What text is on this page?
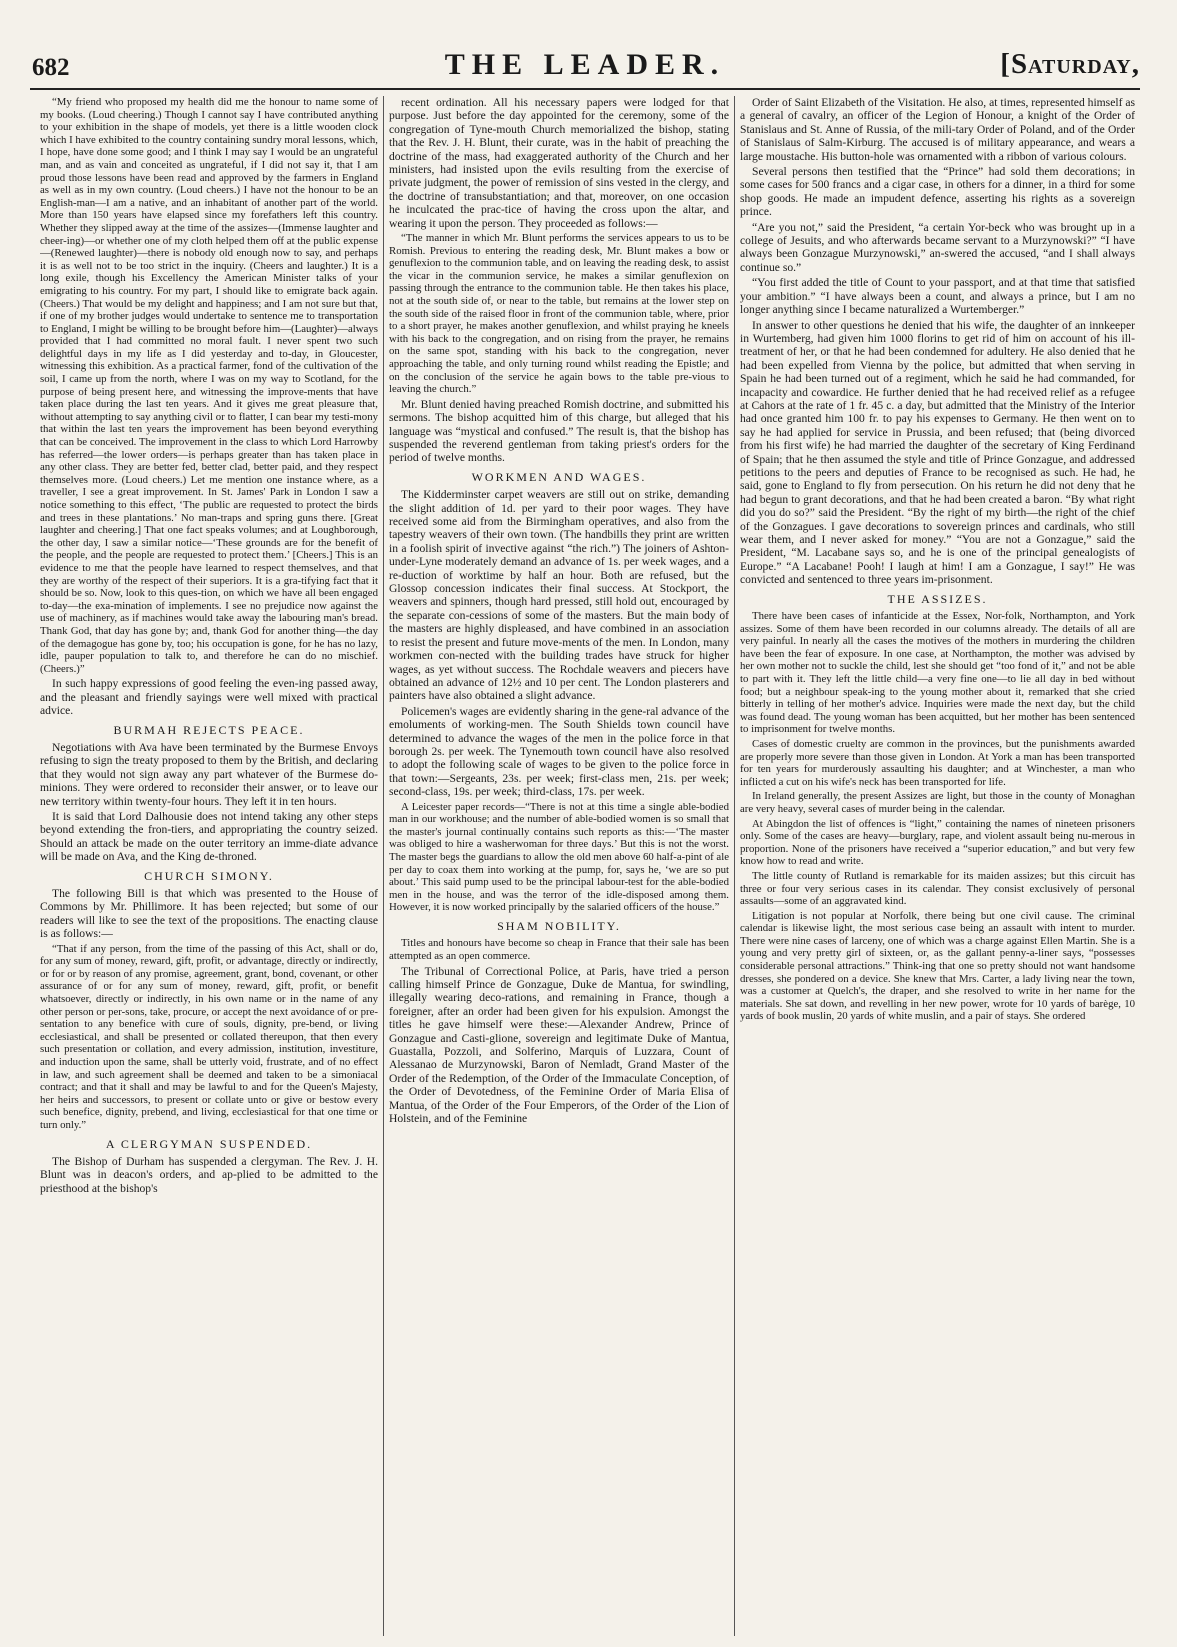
682	THE LEADER.	[Saturday,

“My friend who proposed my health did me the honour to name some of my books. (Loud cheering.) Though I cannot say I have contributed anything to your exhibition in the shape of models, yet there is a little wooden clock which I have exhibited to the country containing sundry moral lessons, which, I hope, have done some good; and I think I may say I would be an ungrateful man, and as vain and conceited as ungrateful, if I did not say it, that I am proud those lessons have been read and approved by the farmers in England as well as in my own country. (Loud cheers.) I have not the honour to be an English-man—I am a native, and an inhabitant of another part of the world. More than 150 years have elapsed since my forefathers left this country. Whether they slipped away at the time of the assizes—(Immense laughter and cheer-ing)—or whether one of my cloth helped them off at the public expense—(Renewed laughter)—there is nobody old enough now to say, and perhaps it is as well not to be too strict in the inquiry. (Cheers and laughter.) It is a long exile, though his Excellency the American Minister talks of your emigrating to his country. For my part, I should like to emigrate back again. (Cheers.) That would be my delight and happiness; and I am not sure but that, if one of my brother judges would undertake to sentence me to transportation to England, I might be willing to be brought before him—(Laughter)—always provided that I had committed no moral fault. I never spent two such delightful days in my life as I did yesterday and to-day, in Gloucester, witnessing this exhibition. As a practical farmer, fond of the cultivation of the soil, I came up from the north, where I was on my way to Scotland, for the purpose of being present here, and witnessing the improve-ments that have taken place during the last ten years. And it gives me great pleasure that, without attempting to say anything civil or to flatter, I can bear my testi-mony that within the last ten years the improvement has been beyond everything that can be conceived. The improvement in the class to which Lord Harrowby has referred—the lower orders—is perhaps greater than has taken place in any other class. They are better fed, better clad, better paid, and they respect themselves more. (Loud cheers.) Let me mention one instance where, as a traveller, I see a great improvement. In St. James' Park in London I saw a notice something to this effect, ‘The public are requested to protect the birds and trees in these plantations.’ No man-traps and spring guns there. [Great laughter and cheering.] That one fact speaks volumes; and at Loughborough, the other day, I saw a similar notice—‘These grounds are for the benefit of the people, and the people are requested to protect them.’ [Cheers.] This is an evidence to me that the people have learned to respect themselves, and that they are worthy of the respect of their superiors. It is a gra-tifying fact that it should be so. Now, look to this ques-tion, on which we have all been engaged to-day—the exa-mination of implements. I see no prejudice now against the use of machinery, as if machines would take away the labouring man's bread. Thank God, that day has gone by; and, thank God for another thing—the day of the demagogue has gone by, too; his occupation is gone, for he has no lazy, idle, pauper population to talk to, and therefore he can do no mischief. (Cheers.)”

In such happy expressions of good feeling the even-ing passed away, and the pleasant and friendly sayings were well mixed with practical advice.

BURMAH REJECTS PEACE.

Negotiations with Ava have been terminated by the Burmese Envoys refusing to sign the treaty proposed to them by the British, and declaring that they would not sign away any part whatever of the Burmese do-minions. They were ordered to reconsider their answer, or to leave our new territory within twenty-four hours. They left it in ten hours.

It is said that Lord Dalhousie does not intend taking any other steps beyond extending the fron-tiers, and appropriating the country seized. Should an attack be made on the outer territory an imme-diate advance will be made on Ava, and the King de-throned.

CHURCH SIMONY.

The following Bill is that which was presented to the House of Commons by Mr. Phillimore. It has been rejected; but some of our readers will like to see the text of the propositions. The enacting clause is as follows:—

“That if any person, from the time of the passing of this Act, shall or do, for any sum of money, reward, gift, profit, or advantage, directly or indirectly, or for or by reason of any promise, agreement, grant, bond, covenant, or other assurance of or for any sum of money, reward, gift, profit, or benefit whatsoever, directly or indirectly, in his own name or in the name of any other person or per-sons, take, procure, or accept the next avoidance of or pre-sentation to any benefice with cure of souls, dignity, pre-bend, or living ecclesiastical, and shall be presented or collated thereupon, that then every such presentation or collation, and every admission, institution, investiture, and induction upon the same, shall be utterly void, frustrate, and of no effect in law, and such agreement shall be deemed and taken to be a simoniacal contract; and that it shall and may be lawful to and for the Queen's Majesty, her heirs and successors, to present or collate unto or give or bestow every such benefice, dignity, prebend, and living, ecclesiastical for that one time or turn only.”

A CLERGYMAN SUSPENDED.

The Bishop of Durham has suspended a clergyman. The Rev. J. H. Blunt was in deacon's orders, and ap-plied to be admitted to the priesthood at the bishop's

recent ordination. All his necessary papers were lodged for that purpose. Just before the day appointed for the ceremony, some of the congregation of Tyne-mouth Church memorialized the bishop, stating that the Rev. J. H. Blunt, their curate, was in the habit of preaching the doctrine of the mass, had exaggerated authority of the Church and her ministers, had insisted upon the evils resulting from the exercise of private judgment, the power of remission of sins vested in the clergy, and the doctrine of transubstantiation; and that, moreover, on one occasion he inculcated the prac-tice of having the cross upon the altar, and wearing it upon the person. They proceeded as follows:—

“The manner in which Mr. Blunt performs the services appears to us to be Romish. Previous to entering the reading desk, Mr. Blunt makes a bow or genuflexion to the communion table, and on leaving the reading desk, to assist the vicar in the communion service, he makes a similar genuflexion on passing through the entrance to the communion table. He then takes his place, not at the south side of, or near to the table, but remains at the lower step on the south side of the raised floor in front of the communion table, where, prior to a short prayer, he makes another genuflexion, and whilst praying he kneels with his back to the congregation, and on rising from the prayer, he remains on the same spot, standing with his back to the congregation, never approaching the table, and only turning round whilst reading the Epistle; and on the conclusion of the service he again bows to the table pre-vious to leaving the church.”

Mr. Blunt denied having preached Romish doctrine, and submitted his sermons. The bishop acquitted him of this charge, but alleged that his language was “mystical and confused.” The result is, that the bishop has suspended the reverend gentleman from taking priest's orders for the period of twelve months.

WORKMEN AND WAGES.

The Kidderminster carpet weavers are still out on strike, demanding the slight addition of 1d. per yard to their poor wages. They have received some aid from the Birmingham operatives, and also from the tapestry weavers of their own town. (The handbills they print are written in a foolish spirit of invective against “the rich.”) The joiners of Ashton-under-Lyne moderately demand an advance of 1s. per week wages, and a re-duction of worktime by half an hour. Both are refused, but the Glossop concession indicates their final success. At Stockport, the weavers and spinners, though hard pressed, still hold out, encouraged by the separate con-cessions of some of the masters. But the main body of the masters are highly displeased, and have combined in an association to resist the present and future move-ments of the men. In London, many workmen con-nected with the building trades have struck for higher wages, as yet without success. The Rochdale weavers and piecers have obtained an advance of 12½ and 10 per cent. The London plasterers and painters have also obtained a slight advance.

Policemen's wages are evidently sharing in the gene-ral advance of the emoluments of working-men. The South Shields town council have determined to advance the wages of the men in the police force in that borough 2s. per week. The Tynemouth town council have also resolved to adopt the following scale of wages to be given to the police force in that town:—Sergeants, 23s. per week; first-class men, 21s. per week; second-class, 19s. per week; third-class, 17s. per week.

A Leicester paper records—“There is not at this time a single able-bodied man in our workhouse; and the number of able-bodied women is so small that the master's journal continually contains such reports as this:—‘The master was obliged to hire a washerwoman for three days.’ But this is not the worst. The master begs the guardians to allow the old men above 60 half-a-pint of ale per day to coax them into working at the pump, for, says he, ‘we are so put about.’ This said pump used to be the principal labour-test for the able-bodied men in the house, and was the terror of the idle-disposed among them. However, it is now worked principally by the salaried officers of the house.”

SHAM NOBILITY.

Titles and honours have become so cheap in France that their sale has been attempted as an open commerce.

The Tribunal of Correctional Police, at Paris, have tried a person calling himself Prince de Gonzague, Duke de Mantua, for swindling, illegally wearing deco-rations, and remaining in France, though a foreigner, after an order had been given for his expulsion. Amongst the titles he gave himself were these:—Alexander Andrew, Prince of Gonzague and Casti-glione, sovereign and legitimate Duke of Mantua, Guastalla, Pozzoli, and Solferino, Marquis of Luzzara, Count of Alessanao de Murzynowski, Baron of Nemladt, Grand Master of the Order of the Redemption, of the Order of the Immaculate Conception, of the Order of Devotedness, of the Feminine Order of Maria Elisa of Mantua, of the Order of the Four Emperors, of the Order of the Lion of Holstein, and of the Feminine

Order of Saint Elizabeth of the Visitation. He also, at times, represented himself as a general of cavalry, an officer of the Legion of Honour, a knight of the Order of Stanislaus and St. Anne of Russia, of the mili-tary Order of Poland, and of the Order of Stanislaus of Salm-Kirburg. The accused is of military appearance, and wears a large moustache. His button-hole was ornamented with a ribbon of various colours.

Several persons then testified that the “Prince” had sold them decorations; in some cases for 500 francs and a cigar case, in others for a dinner, in a third for some shop goods. He made an impudent defence, asserting his rights as a sovereign prince.

“Are you not,” said the President, “a certain Yor-beck who was brought up in a college of Jesuits, and who afterwards became servant to a Murzynowski?” “I have always been Gonzague Murzynowski,” an-swered the accused, “and I shall always continue so.”

“You first added the title of Count to your passport, and at that time that satisfied your ambition.” “I have always been a count, and always a prince, but I am no longer anything since I became naturalized a Wurtemberger.”

In answer to other questions he denied that his wife, the daughter of an innkeeper in Wurtemberg, had given him 1000 florins to get rid of him on account of his ill-treatment of her, or that he had been condemned for adultery. He also denied that he had been expelled from Vienna by the police, but admitted that when serving in Spain he had been turned out of a regiment, which he said he had commanded, for incapacity and cowardice. He further denied that he had received relief as a refugee at Cahors at the rate of 1 fr. 45 c. a day, but admitted that the Ministry of the Interior had once granted him 100 fr. to pay his expenses to Germany. He then went on to say he had applied for service in Prussia, and been refused; that (being divorced from his first wife) he had married the daughter of the secretary of King Ferdinand of Spain; that he then assumed the style and title of Prince Gonzague, and addressed petitions to the peers and deputies of France to be recognised as such. He had, he said, gone to England to fly from persecution. On his return he did not deny that he had begun to grant decorations, and that he had been created a baron. “By what right did you do so?” said the President. “By the right of my birth—the right of the chief of the Gonzagues. I gave decorations to sovereign princes and cardinals, who still wear them, and I never asked for money.” “You are not a Gonzague,” said the President, “M. Lacabane says so, and he is one of the principal genealogists of Europe.” “A Lacabane! Pooh! I laugh at him! I am a Gonzague, I say!” He was convicted and sentenced to three years im-prisonment.

THE ASSIZES.

There have been cases of infanticide at the Essex, Nor-folk, Northampton, and York assizes. Some of them have been recorded in our columns already. The details of all are very painful. In nearly all the cases the motives of the mothers in murdering the children have been the fear of exposure. In one case, at Northampton, the mother was advised by her own mother not to suckle the child, lest she should get “too fond of it,” and not be able to part with it. They left the little child—a very fine one—to lie all day in bed without food; but a neighbour speak-ing to the young mother about it, remarked that she cried bitterly in telling of her mother's advice. Inquiries were made the next day, but the child was found dead. The young woman has been acquitted, but her mother has been sentenced to imprisonment for twelve months.

Cases of domestic cruelty are common in the provinces, but the punishments awarded are properly more severe than those given in London. At York a man has been transported for ten years for murderously assaulting his daughter; and at Winchester, a man who inflicted a cut on his wife's neck has been transported for life.

In Ireland generally, the present Assizes are light, but those in the county of Monaghan are very heavy, several cases of murder being in the calendar.

At Abingdon the list of offences is “light,” containing the names of nineteen prisoners only. Some of the cases are heavy—burglary, rape, and violent assault being nu-merous in proportion. None of the prisoners have received a “superior education,” and but very few know how to read and write.

The little county of Rutland is remarkable for its maiden assizes; but this circuit has three or four very serious cases in its calendar. They consist exclusively of personal assaults—some of an aggravated kind.

Litigation is not popular at Norfolk, there being but one civil cause. The criminal calendar is likewise light, the most serious case being an assault with intent to murder. There were nine cases of larceny, one of which was a charge against Ellen Martin. She is a young and very pretty girl of sixteen, or, as the gallant penny-a-liner says, “possesses considerable personal attractions.” Think-ing that one so pretty should not want handsome dresses, she pondered on a device. She knew that Mrs. Carter, a lady living near the town, was a customer at Quelch's, the draper, and she resolved to write in her name for the materials. She sat down, and revelling in her new power, wrote for 10 yards of barège, 10 yards of book muslin, 20 yards of white muslin, and a pair of stays. She ordered
